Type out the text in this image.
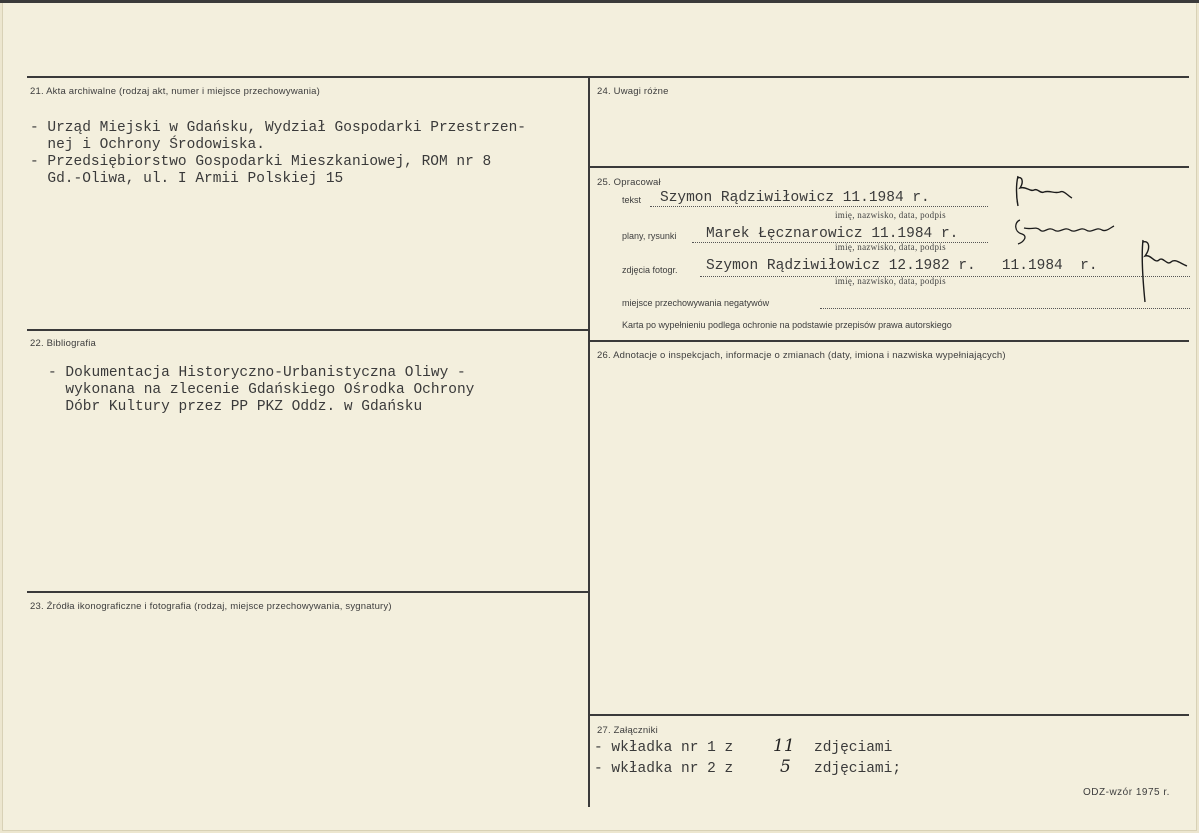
21. Akta archiwalne (rodzaj akt, numer i miejsce przechowywania)
- Urząd Miejski w Gdańsku, Wydział Gospodarki Przestrzen-
nej i Ochrony Środowiska.
- Przedsiębiorstwo Gospodarki Mieszkaniowej, ROM nr 8
Gd.-Oliwa, ul. I Armii Polskiej 15
22. Bibliografia
- Dokumentacja Historyczno-Urbanistyczna Oliwy -
wykonana na zlecenie Gdańskiego Ośrodka Ochrony
Dóbr Kultury przez PP PKZ Oddz. w Gdańsku
23. Źródła ikonograficzne i fotografia (rodzaj, miejsce przechowywania, sygnatury)
24. Uwagi różne
25. Opracował
tekst Szymon Rądziwiłowicz 11.1984 r.
imię, nazwisko, data, podpis
plany, rysunki Marek Łęcznarowicz 11.1984 r.
imię, nazwisko, data, podpis
zdjęcia fotogr. Szymon Rądziwiłowicz 12.1982 r.   11.1984  r.
imię, nazwisko, data, podpis
miejsce przechowywania negatywów
Karta po wypełnieniu podlega ochronie na podstawie przepisów prawa autorskiego
26. Adnotacje o inspekcjach, informacje o zmianach (daty, imiona i nazwiska wypełniających)
27. Załączniki
- wkładka nr 1 z 11 zdjęciami
- wkładka nr 2 z	5 zdjęciami;
ODZ-wzór 1975 r.
